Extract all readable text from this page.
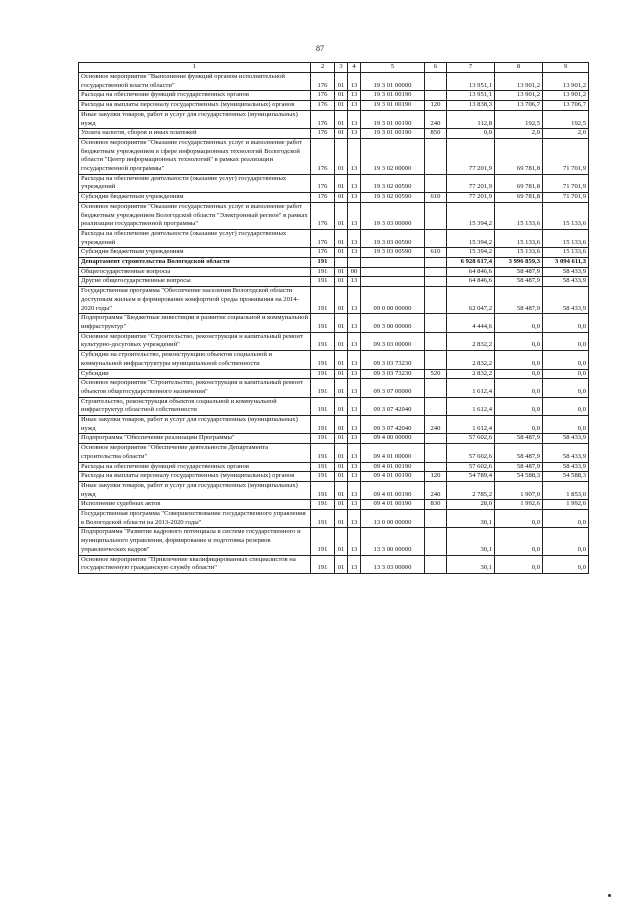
87
1	2	3	4	5	6	7	8	9
Основное мероприятие "Выполнение функций органом исполнительной государственной власти области"	176	01	13	19 3 01 00000		13 951,1	13 901,2	13 901,2
Расходы на обеспечение функций государственных органов	176	01	13	19 3 01 00190		13 951,1	13 901,2	13 901,2
Расходы на выплаты персоналу государственных (муниципальных) органов	176	01	13	19 3 01 00190	120	13 838,3	13 706,7	13 706,7
Иные закупки товаров, работ и услуг для государственных (муниципальных) нужд	176	01	13	19 3 01 00190	240	112,8	192,5	192,5
Уплата налогов, сборов и иных платежей	176	01	13	19 3 01 00190	850	0,0	2,0	2,0
Основное мероприятие "Оказание государственных услуг и выполнение работ бюджетным учреждением в сфере информационных технологий Вологодской области "Центр информационных технологий" в рамках реализации государственной программы"	176	01	13	19 3 02 00000		77 201,9	69 781,8	71 701,9
Расходы на обеспечение деятельности (оказание услуг) государственных учреждений	176	01	13	19 3 02 00590		77 201,9	69 781,8	71 701,9
Субсидии бюджетным учреждениям	176	01	13	19 3 02 00590	610	77 201,9	69 781,8	71 701,9
Основное мероприятие "Оказание государственных услуг и выполнение работ бюджетным учреждением Вологодской области "Электронный регион" в рамках реализации государственной программы"	176	01	13	19 3 03 00000		15 394,2	15 133,6	15 133,6
Расходы на обеспечение деятельности (оказание услуг) государственных учреждений	176	01	13	19 3 03 00590		15 394,2	15 133,6	15 133,6
Субсидии бюджетным учреждениям	176	01	13	19 3 03 00590	610	15 394,2	15 133,6	15 133,6
Департамент строительства Вологодской области	191					6 928 617,4	3 996 859,3	3 094 611,3
Общегосударственные вопросы	191	01	00			64 846,6	58 487,9	58 433,9
Другие общегосударственные вопросы	191	01	13			64 846,6	58 487,9	58 433,9
Государственная программа "Обеспечение населения Вологодской области доступным жильем и формирование комфортной среды проживания на 2014-2020 годы"	191	01	13	09 0 00 00000		62 047,2	58 487,9	58 433,9
Подпрограмма "Бюджетные инвестиции в развитие социальной и коммунальной инфраструктур"	191	01	13	09 3 00 00000		4 444,6	0,0	0,0
Основное мероприятие "Строительство, реконструкция и капитальный ремонт культурно-досуговых учреждений"	191	01	13	09 3 03 00000		2 832,2	0,0	0,0
Субсидии на строительство, реконструкцию объектов социальной и коммунальной инфраструктуры муниципальной собственности	191	01	13	09 3 03 73230		2 832,2	0,0	0,0
Субсидии	191	01	13	09 3 03 73230	520	2 832,2	0,0	0,0
Основное мероприятие "Строительство, реконструкция и капитальный ремонт объектов общегосударственного назначения"	191	01	13	09 3 07 00000		1 612,4	0,0	0,0
Строительство, реконструкция объектов социальной и коммунальной инфраструктур областной собственности	191	01	13	09 3 07 42040		1 612,4	0,0	0,0
Иные закупки товаров, работ и услуг для государственных (муниципальных) нужд	191	01	13	09 3 07 42040	240	1 612,4	0,0	0,0
Подпрограмма "Обеспечение реализации Программы"	191	01	13	09 4 00 00000		57 602,6	58 487,9	58 433,9
Основное мероприятие "Обеспечение деятельности Департамента строительства области"	191	01	13	09 4 01 00000		57 602,6	58 487,9	58 433,9
Расходы на обеспечение функций государственных органов	191	01	13	09 4 01 00190		57 602,6	58 487,9	58 433,9
Расходы на выплаты персоналу государственных (муниципальных) органов	191	01	13	09 4 01 00190	120	54 789,4	54 588,3	54 588,3
Иные закупки товаров, работ и услуг для государственных (муниципальных) нужд	191	01	13	09 4 01 00190	240	2 785,2	1 907,0	1 853,0
Исполнение судебных актов	191	01	13	09 4 01 00190	830	28,0	1 992,6	1 992,6
Государственная программа "Совершенствование государственного управления в Вологодской области на 2013-2020 годы"	191	01	13	13 0 00 00000		30,1	0,0	0,0
Подпрограмма "Развитие кадрового потенциала в системе государственного и муниципального управления, формирование и подготовка резервов управленческих кадров"	191	01	13	13 3 00 00000		30,1	0,0	0,0
Основное мероприятие "Привлечение квалифицированных специалистов на государственную гражданскую службу области"	191	01	13	13 3 03 00000		30,1	0,0	0,0
